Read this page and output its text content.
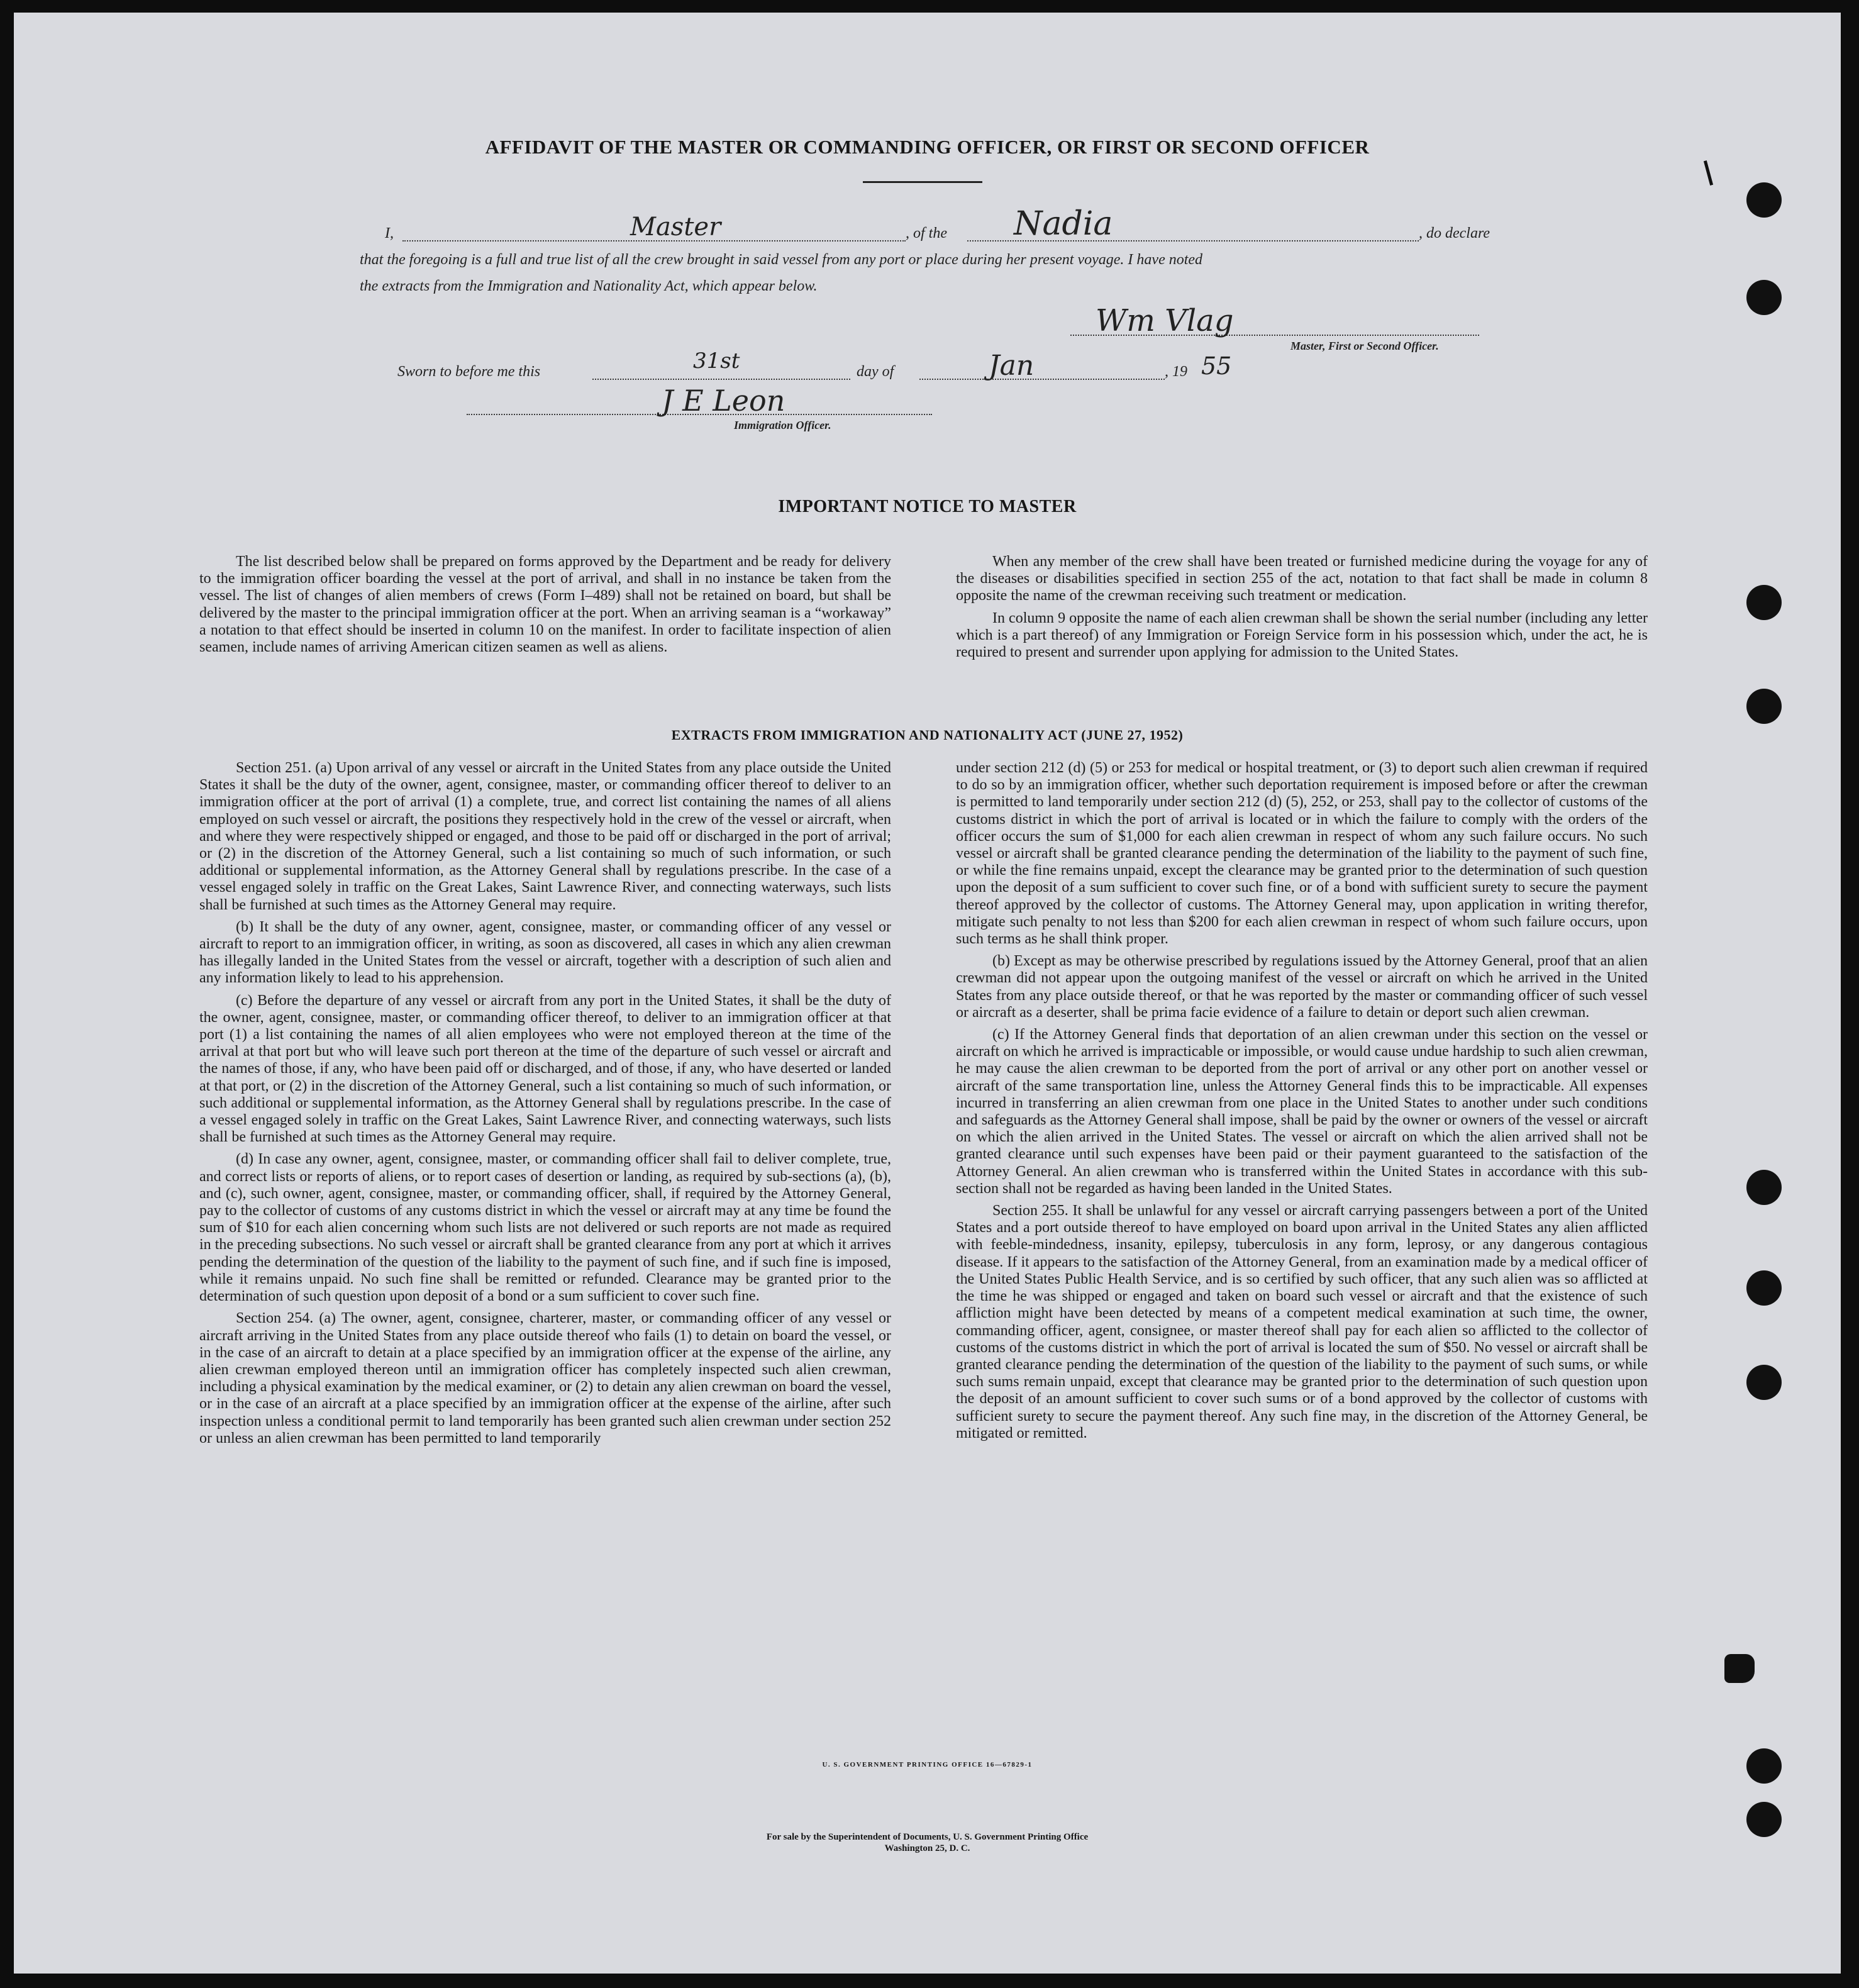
AFFIDAVIT OF THE MASTER OR COMMANDING OFFICER, OR FIRST OR SECOND OFFICER
I,	Master	, of the Nadia	, do declare
that the foregoing is a full and true list of all the crew brought in said vessel from any port or place during her present voyage. I have noted
the extracts from the Immigration and Nationality Act, which appear below.
Wm Vlag
Master, First or Second Officer.
Sworn to before me this	31st	day of	Jan	, 19 55
J E Leon
Immigration Officer.
IMPORTANT NOTICE TO MASTER

The list described below shall be prepared on forms approved by the Department and be ready for delivery to the immigration officer boarding the vessel at the port of arrival, and shall in no instance be taken from the vessel. The list of changes of alien members of crews (Form I–489) shall not be retained on board, but shall be delivered by the master to the principal immigration officer at the port. When an arriving seaman is a “workaway” a notation to that effect should be inserted in column 10 on the manifest. In order to facilitate inspection of alien seamen, include names of arriving American citizen seamen as well as aliens.

When any member of the crew shall have been treated or furnished medicine during the voyage for any of the diseases or disabilities specified in section 255 of the act, notation to that fact shall be made in column 8 opposite the name of the crewman receiving such treatment or medication.

In column 9 opposite the name of each alien crewman shall be shown the serial number (including any letter which is a part thereof) of any Immigration or Foreign Service form in his possession which, under the act, he is required to present and surrender upon applying for admission to the United States.

EXTRACTS FROM IMMIGRATION AND NATIONALITY ACT (JUNE 27, 1952)

Section 251. (a) Upon arrival of any vessel or aircraft in the United States from any place outside the United States it shall be the duty of the owner, agent, consignee, master, or commanding officer thereof to deliver to an immigration officer at the port of arrival (1) a complete, true, and correct list containing the names of all aliens employed on such vessel or aircraft, the positions they respectively hold in the crew of the vessel or aircraft, when and where they were respectively shipped or engaged, and those to be paid off or discharged in the port of arrival; or (2) in the discretion of the Attorney General, such a list containing so much of such information, or such additional or supplemental information, as the Attorney General shall by regulations prescribe. In the case of a vessel engaged solely in traffic on the Great Lakes, Saint Lawrence River, and connecting waterways, such lists shall be furnished at such times as the Attorney General may require.

(b) It shall be the duty of any owner, agent, consignee, master, or commanding officer of any vessel or aircraft to report to an immigration officer, in writing, as soon as discovered, all cases in which any alien crewman has illegally landed in the United States from the vessel or aircraft, together with a description of such alien and any information likely to lead to his apprehension.

(c) Before the departure of any vessel or aircraft from any port in the United States, it shall be the duty of the owner, agent, consignee, master, or commanding officer thereof, to deliver to an immigration officer at that port (1) a list containing the names of all alien employees who were not employed thereon at the time of the arrival at that port but who will leave such port thereon at the time of the departure of such vessel or aircraft and the names of those, if any, who have been paid off or discharged, and of those, if any, who have deserted or landed at that port, or (2) in the discretion of the Attorney General, such a list containing so much of such information, or such additional or supplemental information, as the Attorney General shall by regulations prescribe. In the case of a vessel engaged solely in traffic on the Great Lakes, Saint Lawrence River, and connecting waterways, such lists shall be furnished at such times as the Attorney General may require.

(d) In case any owner, agent, consignee, master, or commanding officer shall fail to deliver complete, true, and correct lists or reports of aliens, or to report cases of desertion or landing, as required by sub-sections (a), (b), and (c), such owner, agent, consignee, master, or commanding officer, shall, if required by the Attorney General, pay to the collector of customs of any customs district in which the vessel or aircraft may at any time be found the sum of $10 for each alien concerning whom such lists are not delivered or such reports are not made as required in the preceding subsections. No such vessel or aircraft shall be granted clearance from any port at which it arrives pending the determination of the question of the liability to the payment of such fine, and if such fine is imposed, while it remains unpaid. No such fine shall be remitted or refunded. Clearance may be granted prior to the determination of such question upon deposit of a bond or a sum sufficient to cover such fine.

Section 254. (a) The owner, agent, consignee, charterer, master, or commanding officer of any vessel or aircraft arriving in the United States from any place outside thereof who fails (1) to detain on board the vessel, or in the case of an aircraft to detain at a place specified by an immigration officer at the expense of the airline, any alien crewman employed thereon until an immigration officer has completely inspected such alien crewman, including a physical examination by the medical examiner, or (2) to detain any alien crewman on board the vessel, or in the case of an aircraft at a place specified by an immigration officer at the expense of the airline, after such inspection unless a conditional permit to land temporarily has been granted such alien crewman under section 252 or unless an alien crewman has been permitted to land temporarily

under section 212 (d) (5) or 253 for medical or hospital treatment, or (3) to deport such alien crewman if required to do so by an immigration officer, whether such deportation requirement is imposed before or after the crewman is permitted to land temporarily under section 212 (d) (5), 252, or 253, shall pay to the collector of customs of the customs district in which the port of arrival is located or in which the failure to comply with the orders of the officer occurs the sum of $1,000 for each alien crewman in respect of whom any such failure occurs. No such vessel or aircraft shall be granted clearance pending the determination of the liability to the payment of such fine, or while the fine remains unpaid, except the clearance may be granted prior to the determination of such question upon the deposit of a sum sufficient to cover such fine, or of a bond with sufficient surety to secure the payment thereof approved by the collector of customs. The Attorney General may, upon application in writing therefor, mitigate such penalty to not less than $200 for each alien crewman in respect of whom such failure occurs, upon such terms as he shall think proper.

(b) Except as may be otherwise prescribed by regulations issued by the Attorney General, proof that an alien crewman did not appear upon the outgoing manifest of the vessel or aircraft on which he arrived in the United States from any place outside thereof, or that he was reported by the master or commanding officer of such vessel or aircraft as a deserter, shall be prima facie evidence of a failure to detain or deport such alien crewman.

(c) If the Attorney General finds that deportation of an alien crewman under this section on the vessel or aircraft on which he arrived is impracticable or impossible, or would cause undue hardship to such alien crewman, he may cause the alien crewman to be deported from the port of arrival or any other port on another vessel or aircraft of the same transportation line, unless the Attorney General finds this to be impracticable. All expenses incurred in transferring an alien crewman from one place in the United States to another under such conditions and safeguards as the Attorney General shall impose, shall be paid by the owner or owners of the vessel or aircraft on which the alien arrived in the United States. The vessel or aircraft on which the alien arrived shall not be granted clearance until such expenses have been paid or their payment guaranteed to the satisfaction of the Attorney General. An alien crewman who is transferred within the United States in accordance with this sub-section shall not be regarded as having been landed in the United States.

Section 255. It shall be unlawful for any vessel or aircraft carrying passengers between a port of the United States and a port outside thereof to have employed on board upon arrival in the United States any alien afflicted with feeble-mindedness, insanity, epilepsy, tuberculosis in any form, leprosy, or any dangerous contagious disease. If it appears to the satisfaction of the Attorney General, from an examination made by a medical officer of the United States Public Health Service, and is so certified by such officer, that any such alien was so afflicted at the time he was shipped or engaged and taken on board such vessel or aircraft and that the existence of such affliction might have been detected by means of a competent medical examination at such time, the owner, commanding officer, agent, consignee, or master thereof shall pay for each alien so afflicted to the collector of customs of the customs district in which the port of arrival is located the sum of $50. No vessel or aircraft shall be granted clearance pending the determination of the question of the liability to the payment of such sums, or while such sums remain unpaid, except that clearance may be granted prior to the determination of such question upon the deposit of an amount sufficient to cover such sums or of a bond approved by the collector of customs with sufficient surety to secure the payment thereof. Any such fine may, in the discretion of the Attorney General, be mitigated or remitted.

U. S. GOVERNMENT PRINTING OFFICE 16—67829-1
For sale by the Superintendent of Documents, U. S. Government Printing Office
Washington 25, D. C.
